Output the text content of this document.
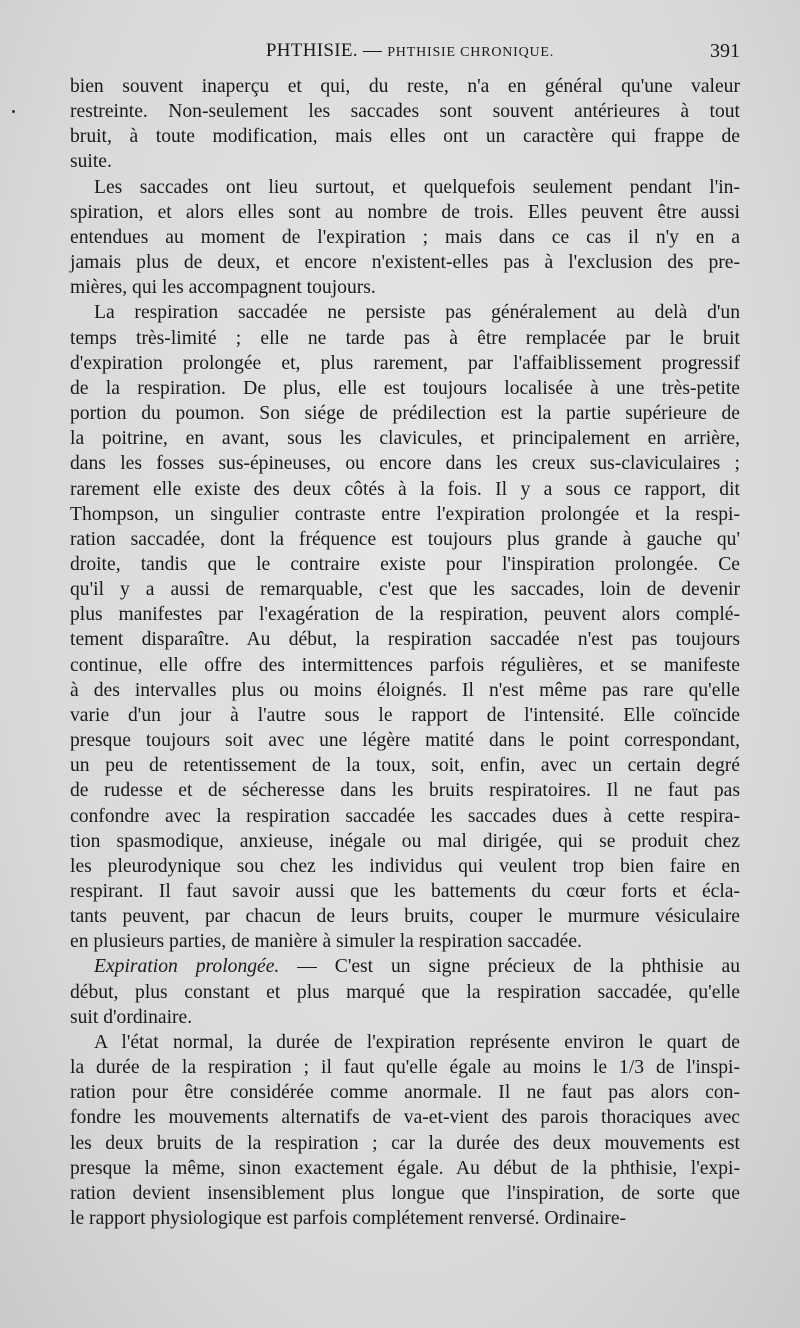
PHTHISIE. — PHTHISIE CHRONIQUE.	391
bien souvent inaperçu et qui, du reste, n'a en général qu'une valeur
restreinte. Non-seulement les saccades sont souvent antérieures à tout
bruit, à toute modification, mais elles ont un caractère qui frappe de
suite.
Les saccades ont lieu surtout, et quelquefois seulement pendant l'in-
spiration, et alors elles sont au nombre de trois. Elles peuvent être aussi
entendues au moment de l'expiration ; mais dans ce cas il n'y en a
jamais plus de deux, et encore n'existent-elles pas à l'exclusion des pre-
mières, qui les accompagnent toujours.
La respiration saccadée ne persiste pas généralement au delà d'un
temps très-limité ; elle ne tarde pas à être remplacée par le bruit
d'expiration prolongée et, plus rarement, par l'affaiblissement progressif
de la respiration. De plus, elle est toujours localisée à une très-petite
portion du poumon. Son siége de prédilection est la partie supérieure de
la poitrine, en avant, sous les clavicules, et principalement en arrière,
dans les fosses sus-épineuses, ou encore dans les creux sus-claviculaires ;
rarement elle existe des deux côtés à la fois. Il y a sous ce rapport, dit
Thompson, un singulier contraste entre l'expiration prolongée et la respi-
ration saccadée, dont la fréquence est toujours plus grande à gauche qu'
droite, tandis que le contraire existe pour l'inspiration prolongée. Ce
qu'il y a aussi de remarquable, c'est que les saccades, loin de devenir
plus manifestes par l'exagération de la respiration, peuvent alors complé-
tement disparaître. Au début, la respiration saccadée n'est pas toujours
continue, elle offre des intermittences parfois régulières, et se manifeste
à des intervalles plus ou moins éloignés. Il n'est même pas rare qu'elle
varie d'un jour à l'autre sous le rapport de l'intensité. Elle coïncide
presque toujours soit avec une légère matité dans le point correspondant,
un peu de retentissement de la toux, soit, enfin, avec un certain degré
de rudesse et de sécheresse dans les bruits respiratoires. Il ne faut pas
confondre avec la respiration saccadée les saccades dues à cette respira-
tion spasmodique, anxieuse, inégale ou mal dirigée, qui se produit chez
les pleurodynique sou chez les individus qui veulent trop bien faire en
respirant. Il faut savoir aussi que les battements du cœur forts et écla-
tants peuvent, par chacun de leurs bruits, couper le murmure vésiculaire
en plusieurs parties, de manière à simuler la respiration saccadée.
Expiration prolongée. — C'est un signe précieux de la phthisie au
début, plus constant et plus marqué que la respiration saccadée, qu'elle
suit d'ordinaire.
A l'état normal, la durée de l'expiration représente environ le quart de
la durée de la respiration ; il faut qu'elle égale au moins le 1/3 de l'inspi-
ration pour être considérée comme anormale. Il ne faut pas alors con-
fondre les mouvements alternatifs de va-et-vient des parois thoraciques avec
les deux bruits de la respiration ; car la durée des deux mouvements est
presque la même, sinon exactement égale. Au début de la phthisie, l'expi-
ration devient insensiblement plus longue que l'inspiration, de sorte que
le rapport physiologique est parfois complétement renversé. Ordinaire-
